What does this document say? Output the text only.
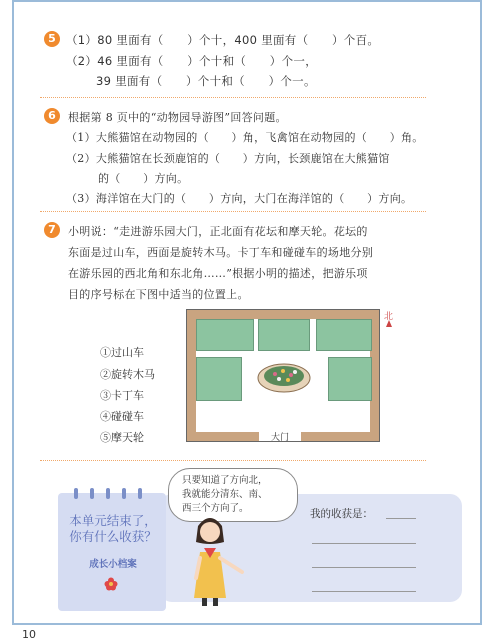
5 （1）80 里面有（　　）个十，400 里面有（　　）个百。
（2）46 里面有（　　）个十和（　　）个一，
39 里面有（　　）个十和（　　）个一。
6	根据第 8 页中的“动物园导游图”回答问题。
（1）大熊猫馆在动物园的（　　）角，飞禽馆在动物园的（　　）角。
（2）大熊猫馆在长颈鹿馆的（　　）方向，长颈鹿馆在大熊猫馆
的（　　）方向。
（3）海洋馆在大门的（　　）方向，大门在海洋馆的（　　）方向。
7	小明说：“走进游乐园大门，正北面有花坛和摩天轮。花坛的
东面是过山车，西面是旋转木马。卡丁车和碰碰车的场地分别
在游乐园的西北角和东北角……”根据小明的描述，把游乐项
目的序号标在下图中适当的位置上。
①过山车
②旋转木马
③卡丁车
④碰碰车
⑤摩天轮	大门
北
本单元结束了，你有什么收获？
成长小档案
只要知道了方向北，
我就能分清东、南、
西三个方向了。	我的收获是：
10
